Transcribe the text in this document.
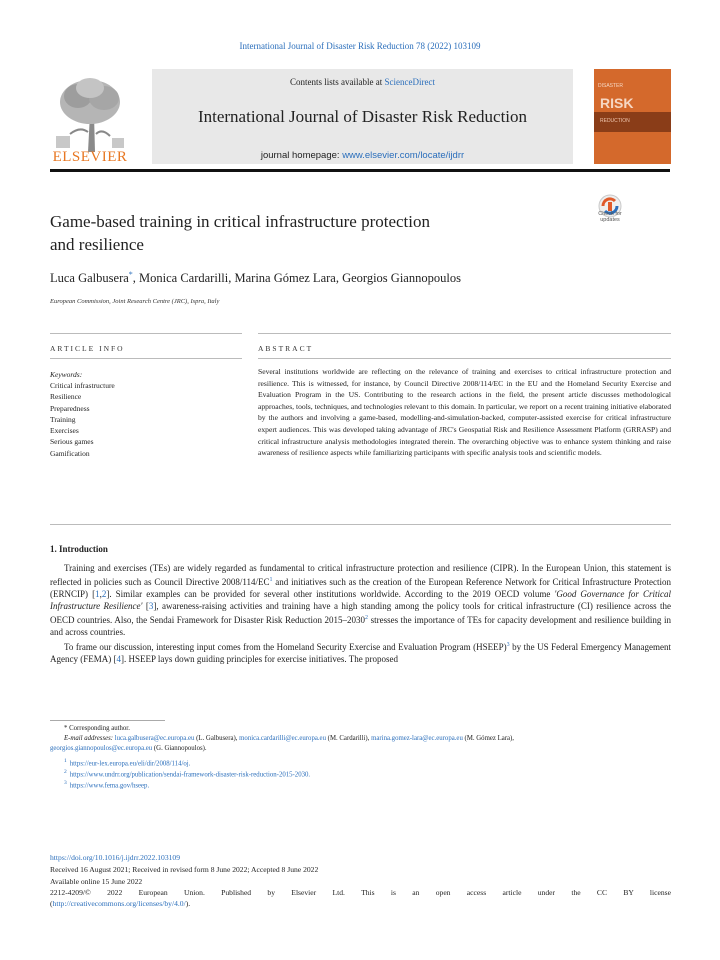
International Journal of Disaster Risk Reduction 78 (2022) 103109
ELSEVIER
Contents lists available at ScienceDirect
International Journal of Disaster Risk Reduction
journal homepage: www.elsevier.com/locate/ijdrr
DISASTER
RISK
REDUCTION
Check for
updates
Game-based training in critical infrastructure protection
and resilience
Luca Galbusera*, Monica Cardarilli, Marina Gómez Lara, Georgios Giannopoulos
European Commission, Joint Research Centre (JRC), Ispra, Italy
ARTICLE INFO	ABSTRACT
Keywords:
Critical infrastructure
Resilience
Preparedness
Training
Exercises
Serious games
Gamification
Several institutions worldwide are reflecting on the relevance of training and exercises to critical infrastructure protection and resilience. This is witnessed, for instance, by Council Directive 2008/114/EC in the EU and the Homeland Security Exercise and Evaluation Program in the US. Contributing to the research actions in the field, the present article discusses methodological approaches, tools, techniques, and technologies relevant to this domain. In particular, we report on a recent training initiative elaborated by the authors and involving a game-based, modelling-and-simulation-backed, computer-assisted exercise for critical infrastructure expert audiences. This was developed taking advantage of JRC's Geospatial Risk and Resilience Assessment Platform (GRRASP) and critical infrastructure analysis methodologies integrated therein. The overarching objective was to enhance system thinking and raise awareness of resilience aspects while familiarizing participants with specific analysis tools and scientific models.
1. Introduction

Training and exercises (TEs) are widely regarded as fundamental to critical infrastructure protection and resilience (CIPR). In the European Union, this statement is reflected in policies such as Council Directive $2008/114/EC^1$ and initiatives such as the creation of the European Reference Network for Critical Infrastructure Protection (ERNCIP) [1,2]. Similar examples can be provided for several other institutions worldwide. According to the 2019 OECD volume 'Good Governance for Critical Infrastructure Resilience' [3], awareness-raising activities and training have a high standing among the policy tools for critical infrastructure (CI) resilience across the OECD countries. Also, the Sendai Framework for Disaster Risk Reduction 2015–2030$^2$ stresses the importance of TEs for capacity development and resilience building in and across countries.

To frame our discussion, interesting input comes from the Homeland Security Exercise and Evaluation Program (HSEEP)$^3$ by the US Federal Emergency Management Agency (FEMA) [4]. HSEEP lays down guiding principles for exercise initiatives. The proposed

* Corresponding author.
E-mail addresses: luca.galbusera@ec.europa.eu (L. Galbusera), monica.cardarilli@ec.europa.eu (M. Cardarilli), marina.gomez-lara@ec.europa.eu (M. Gómez Lara),
georgios.giannopoulos@ec.europa.eu (G. Giannopoulos).
$^1$ https://eur-lex.europa.eu/eli/dir/2008/114/oj.
$^2$ https://www.undrr.org/publication/sendai-framework-disaster-risk-reduction-2015-2030.
$^3$ https://www.fema.gov/hseep.
https://doi.org/10.1016/j.ijdrr.2022.103109
Received 16 August 2021; Received in revised form 8 June 2022; Accepted 8 June 2022
Available online 15 June 2022
2212-4209/© 2022 European Union. Published by Elsevier Ltd. This is an open access article under the CC BY license
(http://creativecommons.org/licenses/by/4.0/).
